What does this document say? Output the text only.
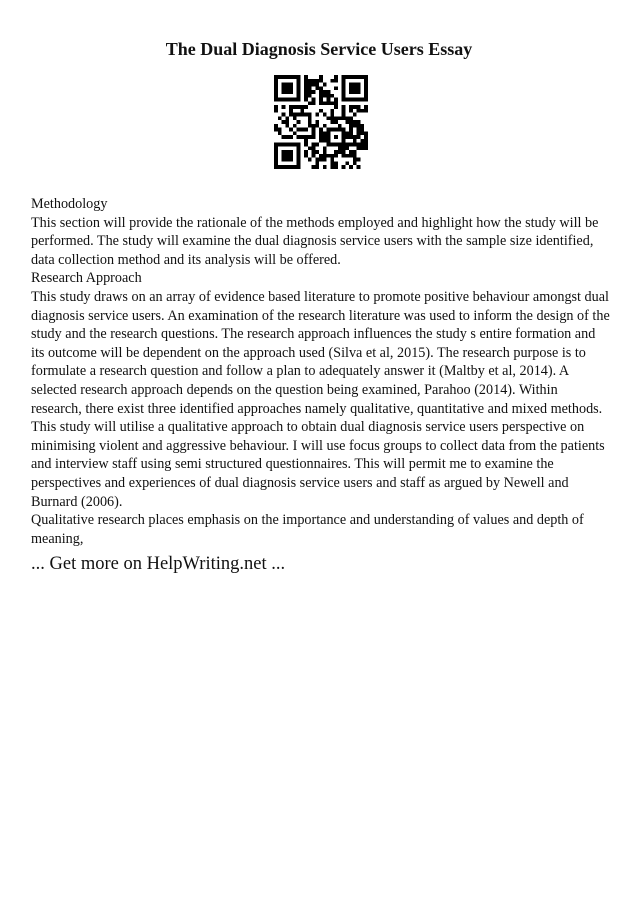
The Dual Diagnosis Service Users Essay

Methodology

This section will provide the rationale of the methods employed and highlight how the study will be performed. The study will examine the dual diagnosis service users with the sample size identified, data collection method and its analysis will be offered.

Research Approach

This study draws on an array of evidence based literature to promote positive behaviour amongst dual diagnosis service users. An examination of the research literature was used to inform the design of the study and the research questions. The research approach influences the study s entire formation and its outcome will be dependent on the approach used (Silva et al, 2015). The research purpose is to formulate a research question and follow a plan to adequately answer it (Maltby et al, 2014). A selected research approach depends on the question being examined, Parahoo (2014). Within research, there exist three identified approaches namely qualitative, quantitative and mixed methods.

This study will utilise a qualitative approach to obtain dual diagnosis service users perspective on minimising violent and aggressive behaviour. I will use focus groups to collect data from the patients and interview staff using semi structured questionnaires. This will permit me to examine the perspectives and experiences of dual diagnosis service users and staff as argued by Newell and Burnard (2006).

Qualitative research places emphasis on the importance and understanding of values and depth of meaning,

... Get more on HelpWriting.net ...
